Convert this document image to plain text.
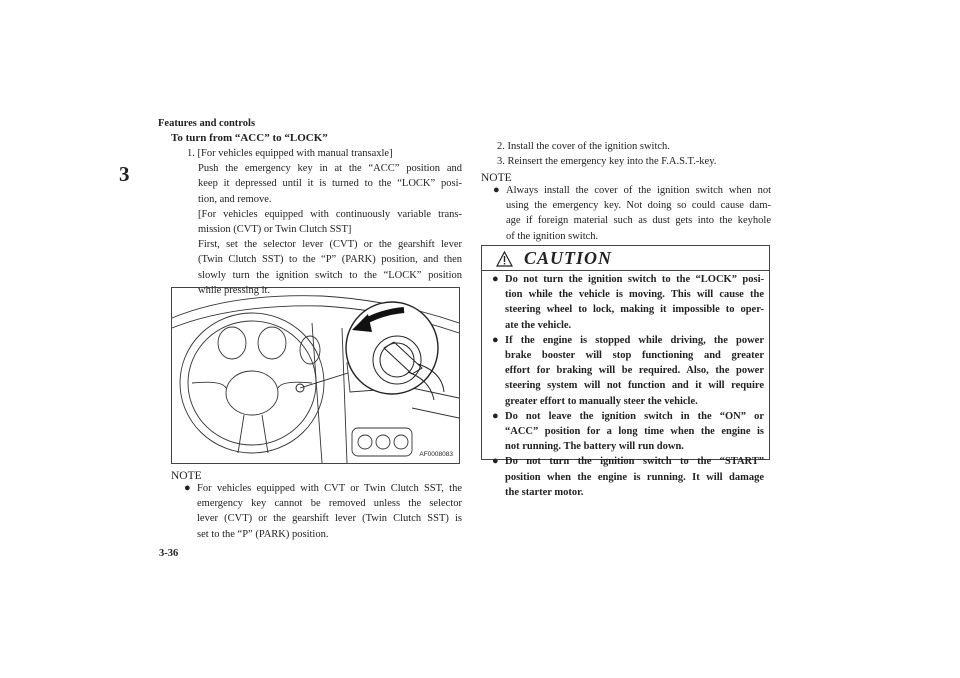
Features and controls
3
3-36
To turn from “ACC” to “LOCK”
1. [For vehicles equipped with manual transaxle]
Push the emergency key in at the “ACC” position and
keep it depressed until it is turned to the “LOCK” posi-
tion, and remove.
[For vehicles equipped with continuously variable trans-
mission (CVT) or Twin Clutch SST]
First, set the selector lever (CVT) or the gearshift lever
(Twin Clutch SST) to the “P” (PARK) position, and then
slowly turn the ignition switch to the “LOCK” position
while pressing it.
AF0008083
NOTE
● For vehicles equipped with CVT or Twin Clutch SST, the
emergency key cannot be removed unless the selector
lever (CVT) or the gearshift lever (Twin Clutch SST) is
set to the “P” (PARK) position.
2. Install the cover of the ignition switch.
3. Reinsert the emergency key into the F.A.S.T.-key.
NOTE
● Always install the cover of the ignition switch when not
using the emergency key. Not doing so could cause dam-
age if foreign material such as dust gets into the keyhole
of the ignition switch.
CAUTION
● Do not turn the ignition switch to the “LOCK” posi-
tion while the vehicle is moving. This will cause the
steering wheel to lock, making it impossible to oper-
ate the vehicle.
● If the engine is stopped while driving, the power
brake booster will stop functioning and greater
effort for braking will be required. Also, the power
steering system will not function and it will require
greater effort to manually steer the vehicle.
● Do not leave the ignition switch in the “ON” or
“ACC” position for a long time when the engine is
not running. The battery will run down.
● Do not turn the ignition switch to the “START”
position when the engine is running. It will damage
the starter motor.
